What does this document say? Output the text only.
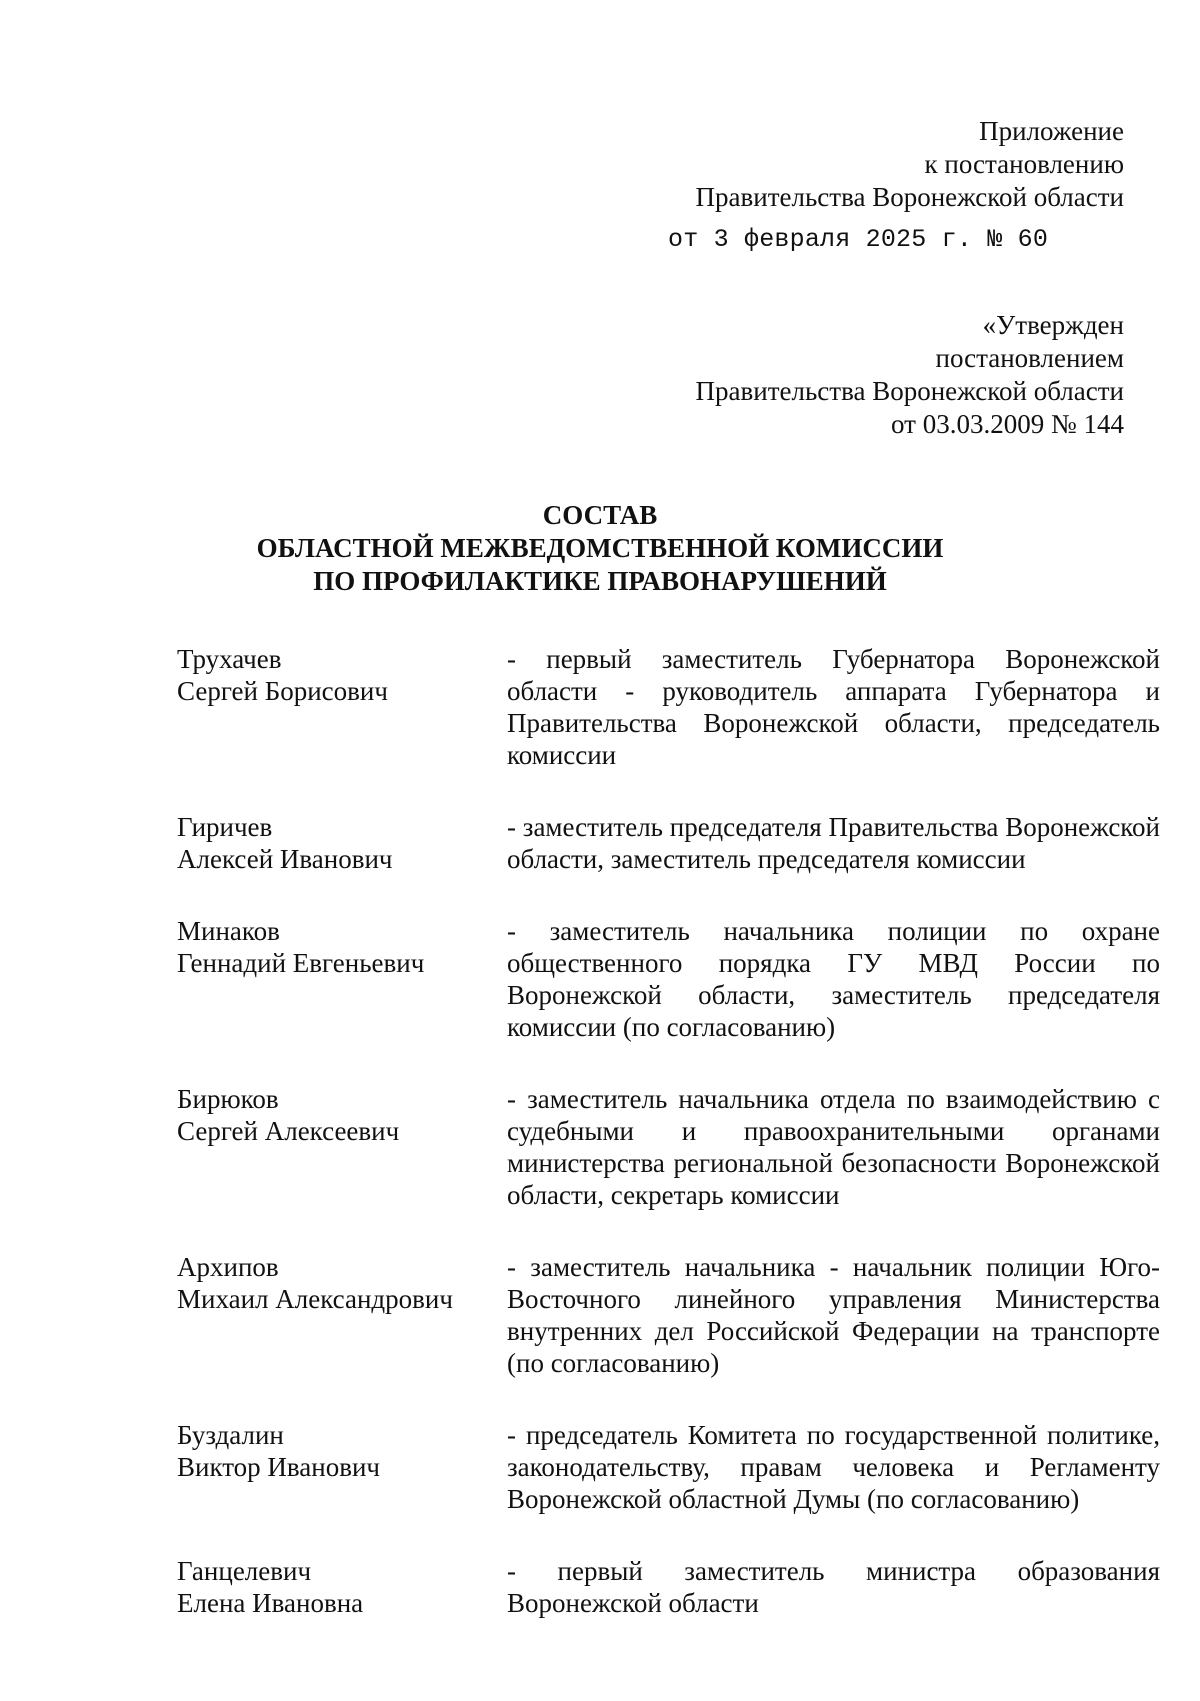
Приложение
к постановлению
Правительства Воронежской области
от 3 февраля 2025 г. № 60
«Утвержден
постановлением
Правительства Воронежской области
от 03.03.2009 № 144
СОСТАВ
ОБЛАСТНОЙ МЕЖВЕДОМСТВЕННОЙ КОМИССИИ
ПО ПРОФИЛАКТИКЕ ПРАВОНАРУШЕНИЙ
Трухачев
Сергей Борисович
- первый заместитель Губернатора Воронежской области - руководитель аппарата Губернатора и Правительства Воронежской области, председатель комиссии
Гиричев
Алексей Иванович
- заместитель председателя Правительства Воронежской области, заместитель председателя комиссии
Минаков
Геннадий Евгеньевич
- заместитель начальника полиции по охране общественного порядка ГУ МВД России по Воронежской области, заместитель председателя комиссии (по согласованию)
Бирюков
Сергей Алексеевич
- заместитель начальника отдела по взаимодействию с судебными и правоохранительными органами министерства региональной безопасности Воронежской области, секретарь комиссии
Архипов
Михаил Александрович
- заместитель начальника - начальник полиции Юго-Восточного линейного управления Министерства внутренних дел Российской Федерации на транспорте (по согласованию)
Буздалин
Виктор Иванович
- председатель Комитета по государственной политике, законодательству, правам человека и Регламенту Воронежской областной Думы (по согласованию)
Ганцелевич
Елена Ивановна
- первый заместитель министра образования Воронежской области
